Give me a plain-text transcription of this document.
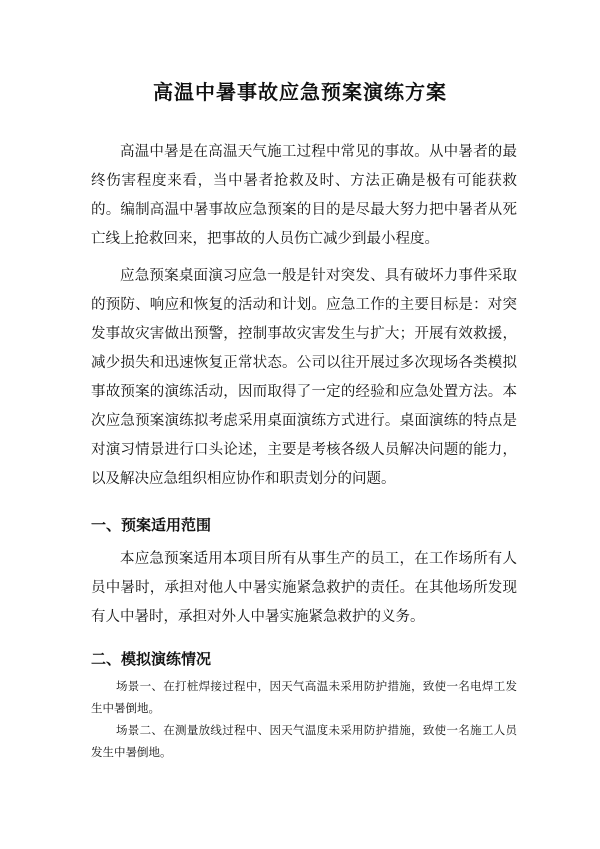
高温中暑事故应急预案演练方案

高温中暑是在高温天气施工过程中常见的事故。从中暑者的最终伤害程度来看，当中暑者抢救及时、方法正确是极有可能获救的。编制高温中暑事故应急预案的目的是尽最大努力把中暑者从死亡线上抢救回来，把事故的人员伤亡减少到最小程度。

应急预案桌面演习应急一般是针对突发、具有破坏力事件采取的预防、响应和恢复的活动和计划。应急工作的主要目标是：对突发事故灾害做出预警，控制事故灾害发生与扩大；开展有效救援，减少损失和迅速恢复正常状态。公司以往开展过多次现场各类模拟事故预案的演练活动，因而取得了一定的经验和应急处置方法。本次应急预案演练拟考虑采用桌面演练方式进行。桌面演练的特点是对演习情景进行口头论述，主要是考核各级人员解决问题的能力，以及解决应急组织相应协作和职责划分的问题。

一、预案适用范围

本应急预案适用本项目所有从事生产的员工，在工作场所有人员中暑时，承担对他人中暑实施紧急救护的责任。在其他场所发现有人中暑时，承担对外人中暑实施紧急救护的义务。

二、模拟演练情况

场景一、在打桩焊接过程中，因天气高温未采用防护措施，致使一名电焊工发生中暑倒地。

场景二、在测量放线过程中、因天气温度未采用防护措施，致使一名施工人员发生中暑倒地。
